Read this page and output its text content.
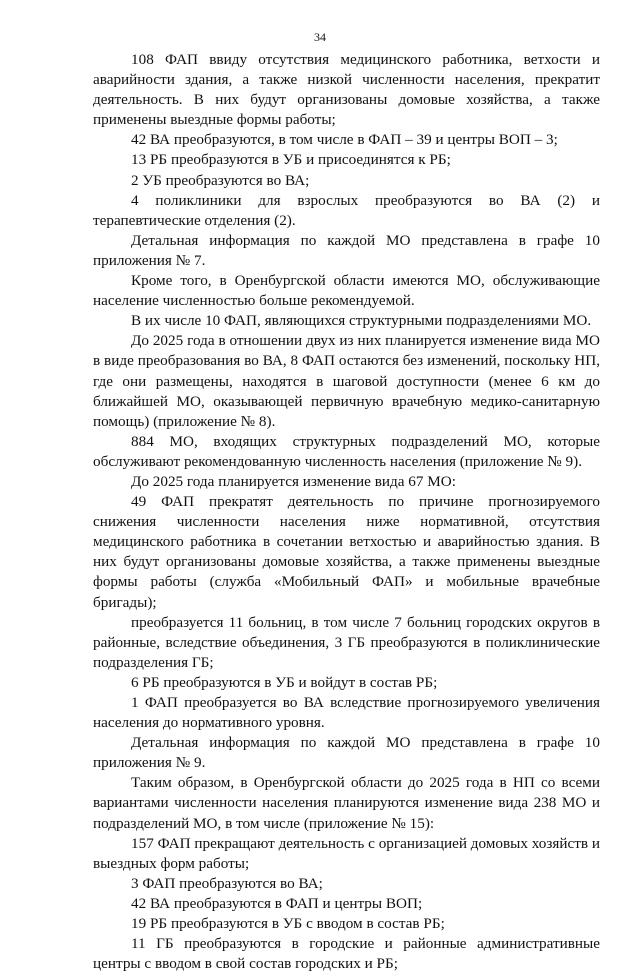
34

108 ФАП ввиду отсутствия медицинского работника, ветхости и аварийности здания, а также низкой численности населения, прекратит деятельность. В них будут организованы домовые хозяйства, а также применены выездные формы работы;

42 ВА преобразуются, в том числе в ФАП – 39 и центры ВОП – 3;

13 РБ преобразуются в УБ и присоединятся к РБ;

2 УБ преобразуются во ВА;

4 поликлиники для взрослых преобразуются во ВА (2) и терапевтические отделения (2).

Детальная информация по каждой МО представлена в графе 10 приложения № 7.

Кроме того, в Оренбургской области имеются МО, обслуживающие население численностью больше рекомендуемой.

В их числе 10 ФАП, являющихся структурными подразделениями МО.

До 2025 года в отношении двух из них планируется изменение вида МО в виде преобразования во ВА, 8 ФАП остаются без изменений, поскольку НП, где они размещены, находятся в шаговой доступности (менее 6 км до ближайшей МО, оказывающей первичную врачебную медико-санитарную помощь) (приложение № 8).

884 МО, входящих структурных подразделений МО, которые обслуживают рекомендованную численность населения (приложение № 9).

До 2025 года планируется изменение вида 67 МО:

49 ФАП прекратят деятельность по причине прогнозируемого снижения численности населения ниже нормативной, отсутствия медицинского работника в сочетании ветхостью и аварийностью здания. В них будут организованы домовые хозяйства, а также применены выездные формы работы (служба «Мобильный ФАП» и мобильные врачебные бригады);

преобразуется 11 больниц, в том числе 7 больниц городских округов в районные, вследствие объединения, 3 ГБ преобразуются в поликлинические подразделения ГБ;

6 РБ преобразуются в УБ и войдут в состав РБ;

1 ФАП преобразуется во ВА вследствие прогнозируемого увеличения населения до нормативного уровня.

Детальная информация по каждой МО представлена в графе 10 приложения № 9.

Таким образом, в Оренбургской области до 2025 года в НП со всеми вариантами численности населения планируются изменение вида 238 МО и подразделений МО, в том числе (приложение № 15):

157 ФАП прекращают деятельность с организацией домовых хозяйств и выездных форм работы;

3 ФАП преобразуются во ВА;

42 ВА преобразуются в ФАП и центры ВОП;

19 РБ преобразуются в УБ с вводом в состав РБ;

11 ГБ преобразуются в городские и районные административные центры с вводом в свой состав городских и РБ;
